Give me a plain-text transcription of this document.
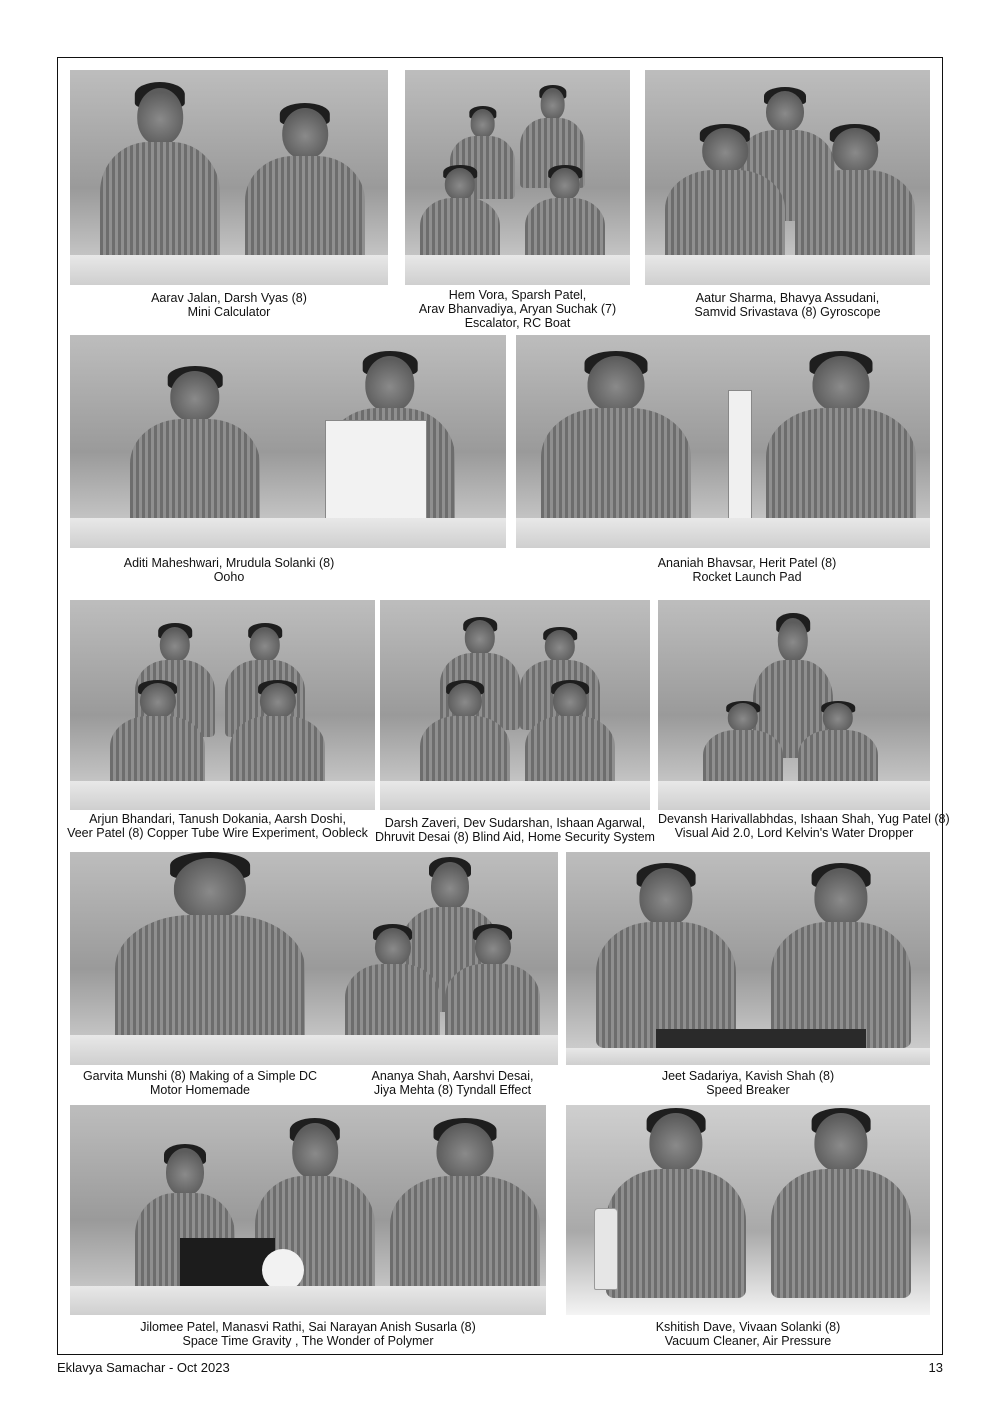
Aarav Jalan, Darsh Vyas (8)
Mini Calculator
Hem Vora, Sparsh Patel,
Arav Bhanvadiya, Aryan Suchak (7)
Escalator, RC Boat
Aatur Sharma, Bhavya Assudani,
Samvid Srivastava (8) Gyroscope
Aditi Maheshwari, Mrudula Solanki (8)
Ooho
Ananiah Bhavsar, Herit Patel (8)
Rocket Launch Pad
Arjun Bhandari, Tanush Dokania, Aarsh Doshi,
Veer Patel (8) Copper Tube Wire Experiment, Oobleck
Darsh Zaveri, Dev Sudarshan, Ishaan Agarwal,
Dhruvit Desai (8) Blind Aid, Home Security System
Devansh Harivallabhdas, Ishaan Shah, Yug Patel (8)
Visual Aid 2.0, Lord Kelvin's Water Dropper
Garvita Munshi (8) Making of a Simple DC
Motor Homemade
Ananya Shah, Aarshvi Desai,
Jiya Mehta (8) Tyndall Effect
Jeet Sadariya, Kavish Shah (8)
Speed Breaker
Jilomee Patel, Manasvi Rathi, Sai Narayan Anish Susarla (8)
Space Time Gravity , The Wonder of Polymer
Kshitish Dave, Vivaan Solanki (8)
Vacuum Cleaner, Air Pressure
Eklavya Samachar - Oct 2023	13
